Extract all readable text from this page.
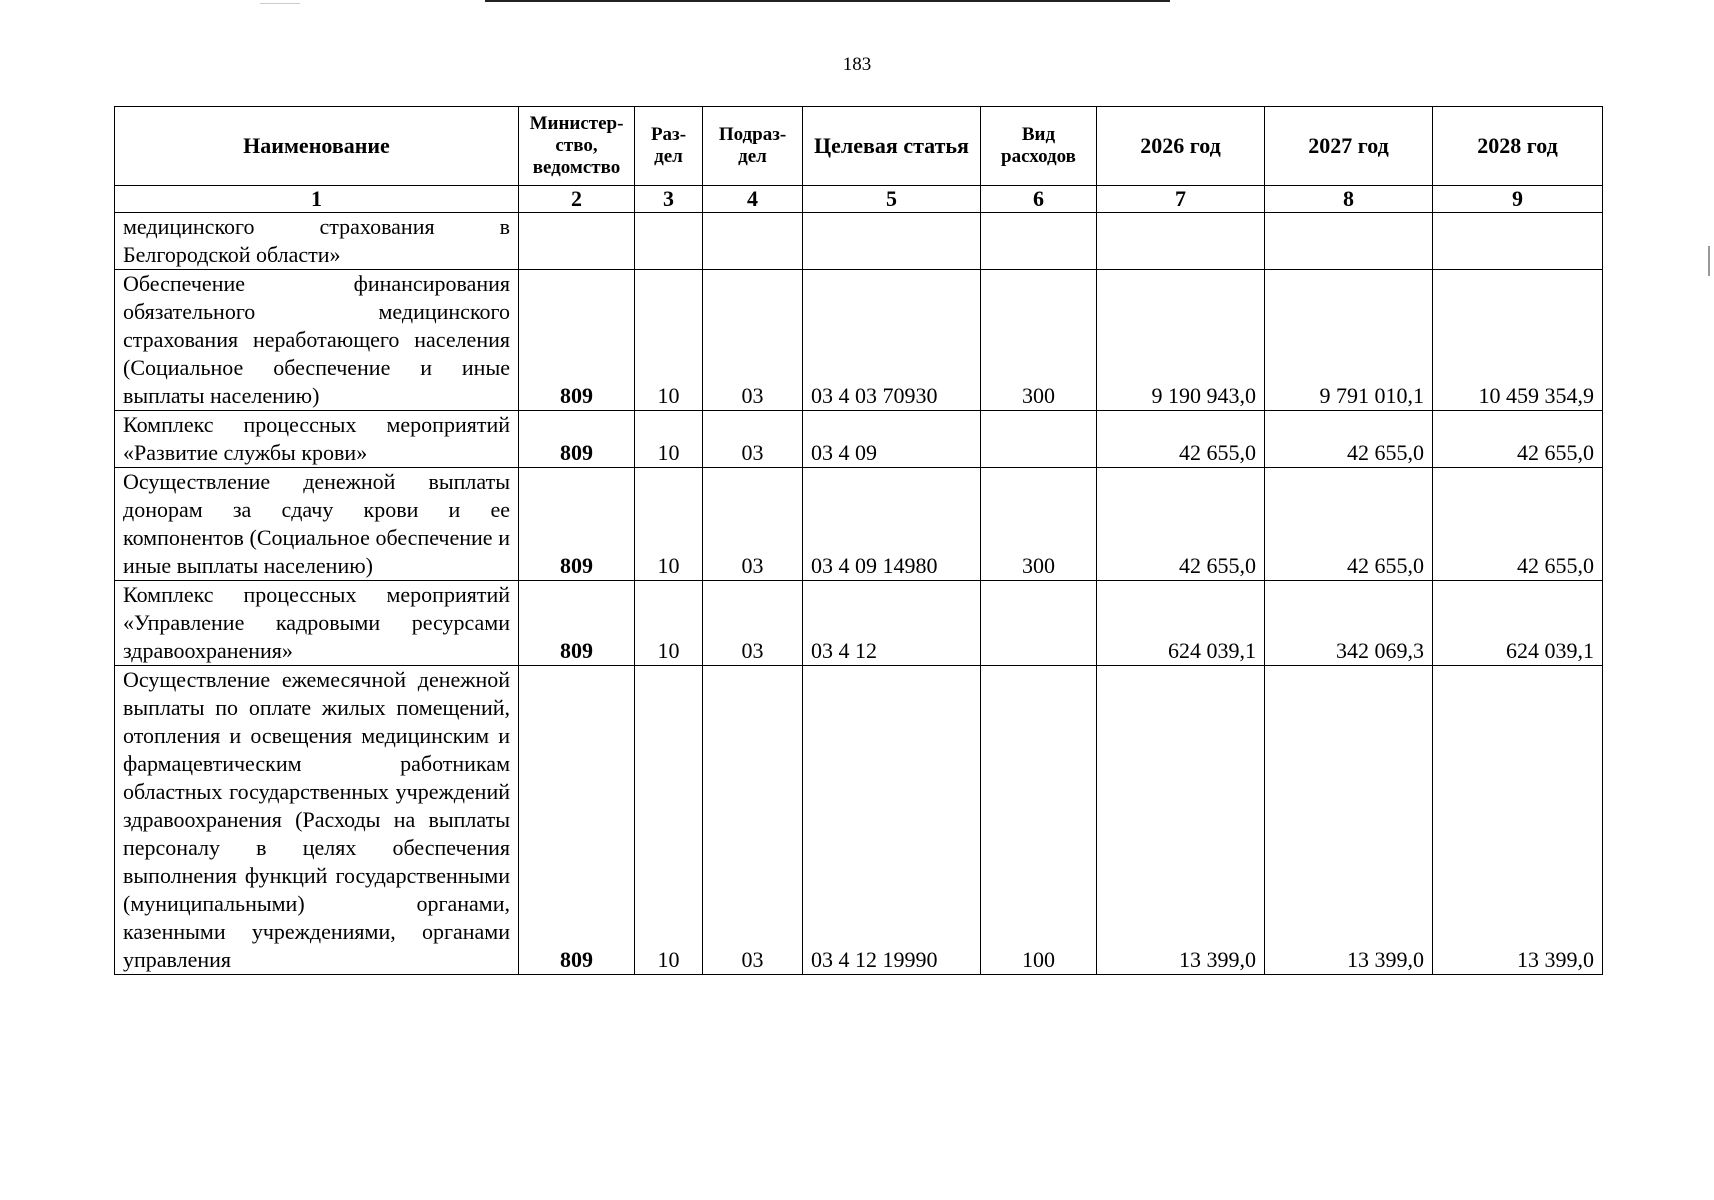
183
Наименование	Министер-ство, ведомство	Раз-дел	Подраз-дел	Целевая статья	Вид расходов	2026 год	2027 год	2028 год
1	2	3	4	5	6	7	8	9
медицинского страхования в Белгородской области»								
Обеспечение финансирования обязательного медицинского страхования неработающего населения (Социальное обеспечение и иные выплаты населению)	809	10	03	03 4 03 70930	300	9 190 943,0	9 791 010,1	10 459 354,9
Комплекс процессных мероприятий «Развитие службы крови»	809	10	03	03 4 09		42 655,0	42 655,0	42 655,0
Осуществление денежной выплаты донорам за сдачу крови и ее компонентов (Социальное обеспечение и иные выплаты населению)	809	10	03	03 4 09 14980	300	42 655,0	42 655,0	42 655,0
Комплекс процессных мероприятий «Управление кадровыми ресурсами здравоохранения»	809	10	03	03 4 12		624 039,1	342 069,3	624 039,1
Осуществление ежемесячной денежной выплаты по оплате жилых помещений, отопления и освещения медицинским и фармацевтическим работникам областных государственных учреждений здравоохранения (Расходы на выплаты персоналу в целях обеспечения выполнения функций государственными (муниципальными) органами, казенными учреждениями, органами управления	809	10	03	03 4 12 19990	100	13 399,0	13 399,0	13 399,0
